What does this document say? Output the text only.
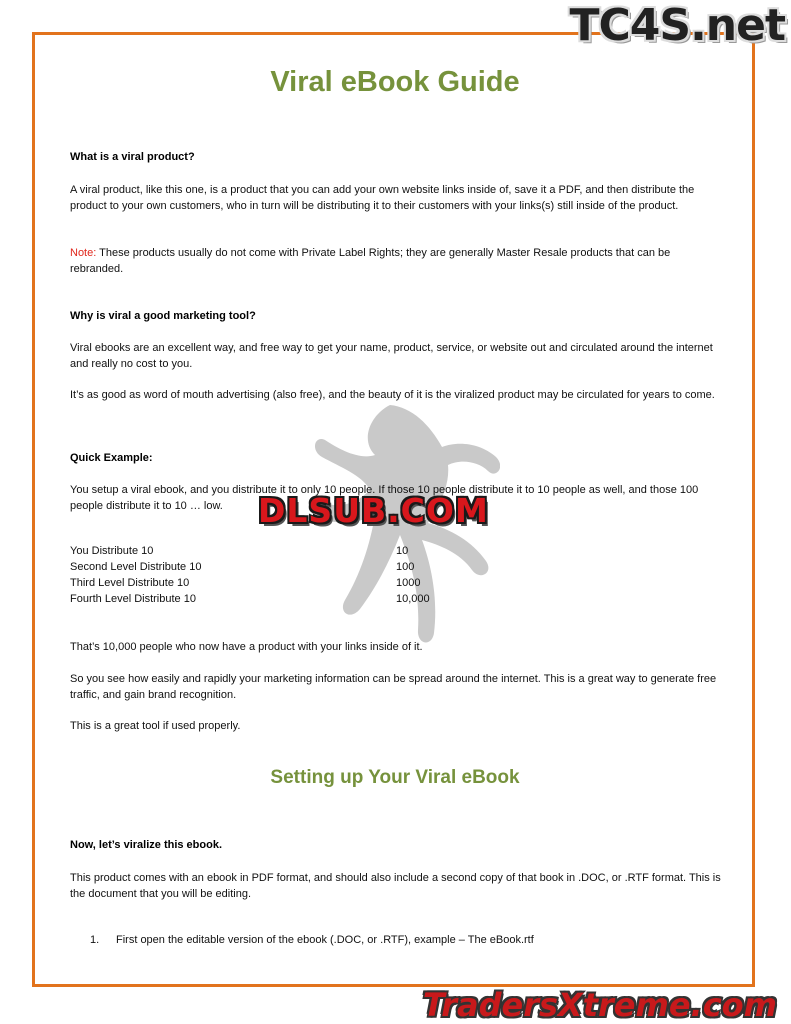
TC4S.net
DLSUB.COM
Viral eBook Guide
What is a viral product?
A viral product, like this one, is a product that you can add your own website links inside of, save it a PDF, and then distribute the product to your own customers, who in turn will be distributing it to their customers with your links(s) still inside of the product.
Note: These products usually do not come with Private Label Rights; they are generally Master Resale products that can be rebranded.
Why is viral a good marketing tool?
Viral ebooks are an excellent way, and free way to get your name, product, service, or website out and circulated around the internet and really no cost to you.
It’s as good as word of mouth advertising (also free), and the beauty of it is the viralized product may be circulated for years to come.
Quick Example:
You setup a viral ebook, and you distribute it to only 10 people. If those 10 people distribute it to 10 people as well, and those 100 people distribute it to 10 … low.
You Distribute 10	10
Second Level Distribute 10	100
Third Level Distribute 10	1000
Fourth Level Distribute 10	10,000
That’s 10,000 people who now have a product with your links inside of it.
So you see how easily and rapidly your marketing information can be spread around the internet. This is a great way to generate free traffic, and gain brand recognition.
This is a great tool if used properly.
Setting up Your Viral eBook
Now, let’s viralize this ebook.
This product comes with an ebook in PDF format, and should also include a second copy of that book in .DOC, or .RTF format. This is the document that you will be editing.
1. First open the editable version of the ebook (.DOC, or .RTF), example – The eBook.rtf
TradersXtreme.com
